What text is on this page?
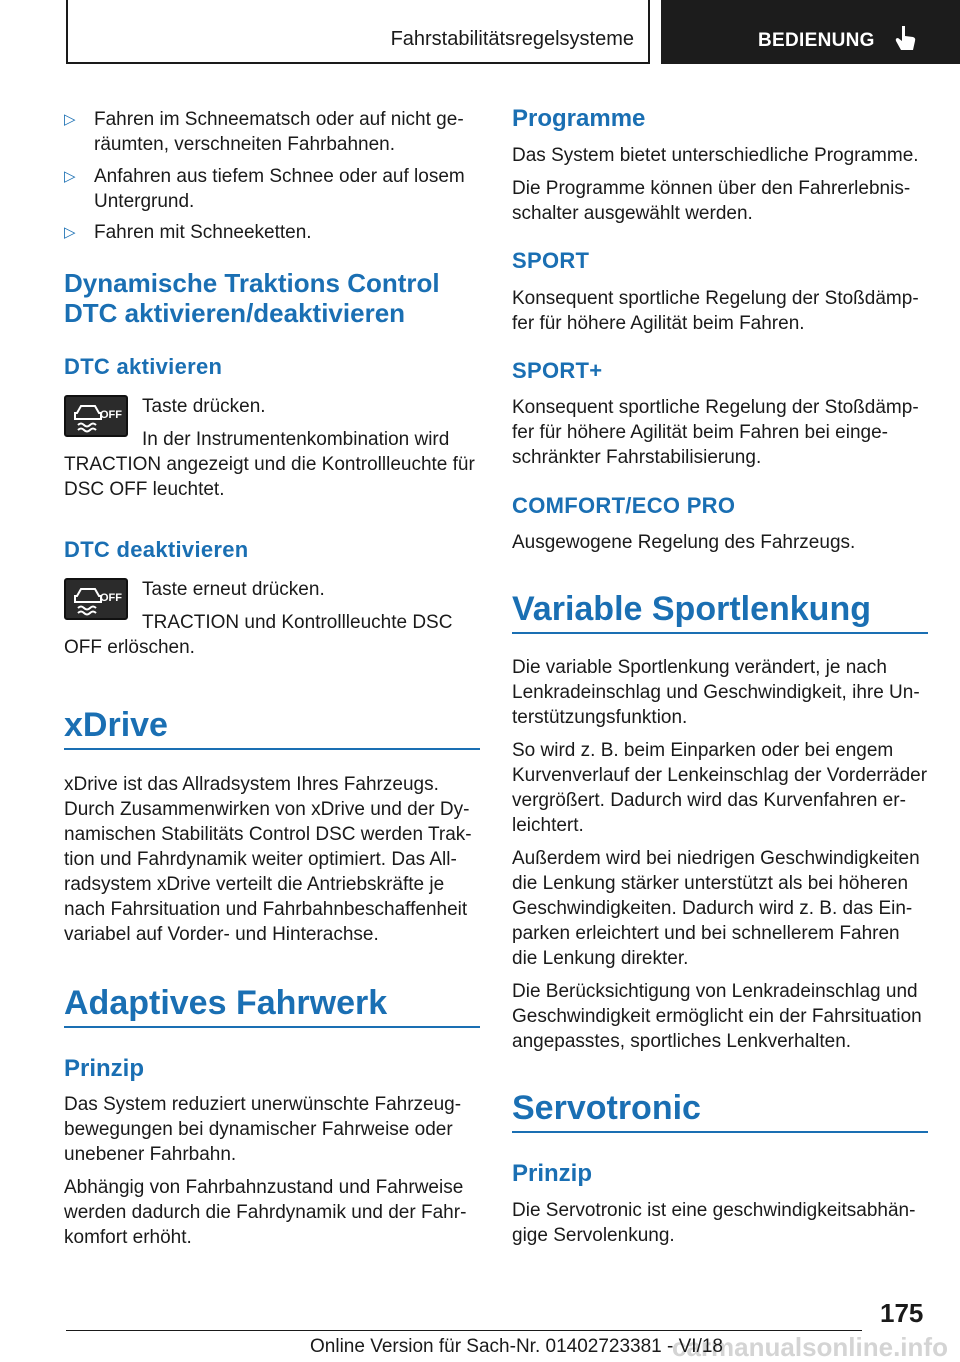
Fahrstabilitätsregelsysteme	BEDIENUNG
▷ Fahren im Schneematsch oder auf nicht geräumten, verschneiten Fahrbahnen.
▷ Anfahren aus tiefem Schnee oder auf losem Untergrund.
▷ Fahren mit Schneeketten.
Dynamische Traktions Control
DTC aktivieren/deaktivieren
DTC aktivieren
OFF Taste drücken.

In der Instrumentenkombination wird

TRACTION angezeigt und die Kontrollleuchte für DSC OFF leuchtet.

DTC deaktivieren
OFF Taste erneut drücken.

TRACTION und Kontrollleuchte DSC

OFF erlöschen.

xDrive

xDrive ist das Allradsystem Ihres Fahrzeugs. Durch Zusammenwirken von xDrive und der Dynamischen Stabilitäts Control DSC werden Traktion und Fahrdynamik weiter optimiert. Das Allradsystem xDrive verteilt die Antriebskräfte je nach Fahrsituation und Fahrbahnbeschaffenheit variabel auf Vorder- und Hinterachse.

Adaptives Fahrwerk
Prinzip

Das System reduziert unerwünschte Fahrzeugbewegungen bei dynamischer Fahrweise oder unebener Fahrbahn.

Abhängig von Fahrbahnzustand und Fahrweise werden dadurch die Fahrdynamik und der Fahrkomfort erhöht.

Programme

Das System bietet unterschiedliche Programme.

Die Programme können über den Fahrerlebnisschalter ausgewählt werden.

SPORT

Konsequent sportliche Regelung der Stoßdämpfer für höhere Agilität beim Fahren.

SPORT+

Konsequent sportliche Regelung der Stoßdämpfer für höhere Agilität beim Fahren bei eingeschränkter Fahrstabilisierung.

COMFORT/ECO PRO

Ausgewogene Regelung des Fahrzeugs.

Variable Sportlenkung

Die variable Sportlenkung verändert, je nach Lenkradeinschlag und Geschwindigkeit, ihre Unterstützungsfunktion.

So wird z. B. beim Einparken oder bei engem Kurvenverlauf der Lenkeinschlag der Vorderräder vergrößert. Dadurch wird das Kurvenfahren erleichtert.

Außerdem wird bei niedrigen Geschwindigkeiten die Lenkung stärker unterstützt als bei höheren Geschwindigkeiten. Dadurch wird z. B. das Einparken erleichtert und bei schnellerem Fahren die Lenkung direkter.

Die Berücksichtigung von Lenkradeinschlag und Geschwindigkeit ermöglicht ein der Fahrsituation angepasstes, sportliches Lenkverhalten.

Servotronic
Prinzip

Die Servotronic ist eine geschwindigkeitsabhängige Servolenkung.

175
carmanualsonline.info
Online Version für Sach-Nr. 01402723381 - VI/18
